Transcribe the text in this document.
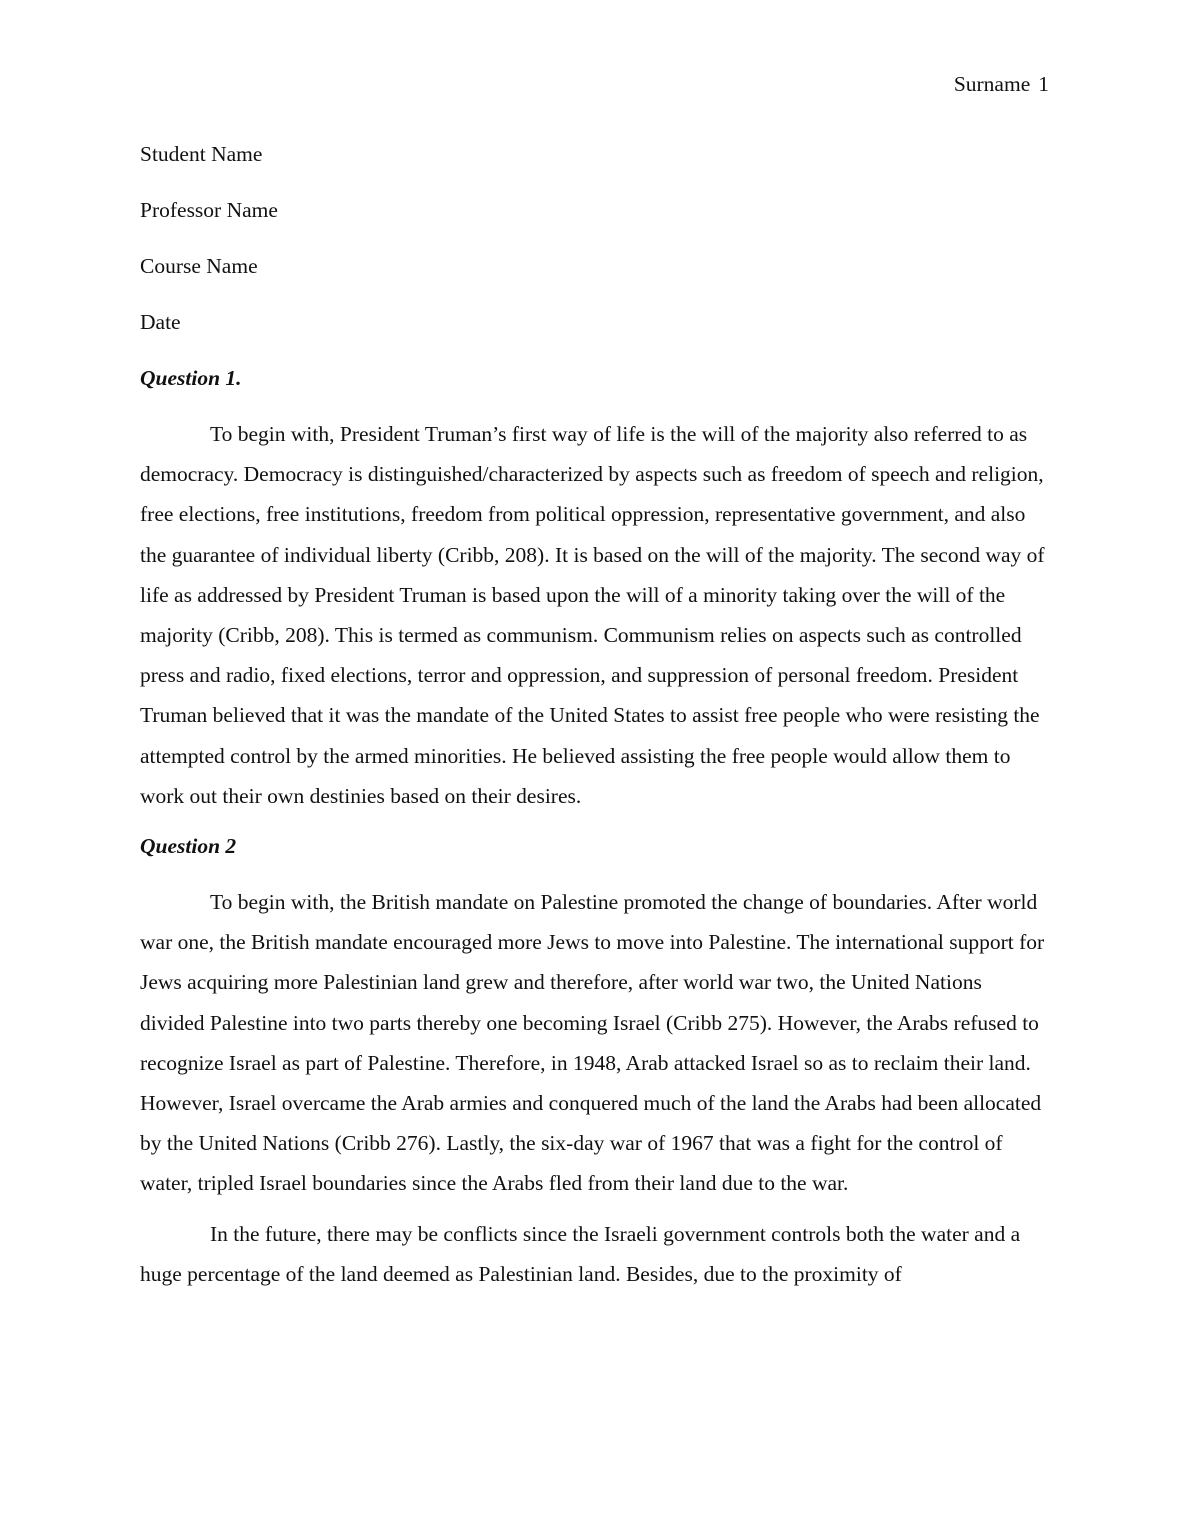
Surname 1

Student Name

Professor Name

Course Name

Date

Question 1.

To begin with, President Truman’s first way of life is the will of the majority also referred to as democracy. Democracy is distinguished/characterized by aspects such as freedom of speech and religion, free elections, free institutions, freedom from political oppression, representative government, and also the guarantee of individual liberty (Cribb, 208). It is based on the will of the majority. The second way of life as addressed by President Truman is based upon the will of a minority taking over the will of the majority (Cribb, 208). This is termed as communism. Communism relies on aspects such as controlled press and radio, fixed elections, terror and oppression, and suppression of personal freedom. President Truman believed that it was the mandate of the United States to assist free people who were resisting the attempted control by the armed minorities. He believed assisting the free people would allow them to work out their own destinies based on their desires.

Question 2

To begin with, the British mandate on Palestine promoted the change of boundaries. After world war one, the British mandate encouraged more Jews to move into Palestine. The international support for Jews acquiring more Palestinian land grew and therefore, after world war two, the United Nations divided Palestine into two parts thereby one becoming Israel (Cribb 275). However, the Arabs refused to recognize Israel as part of Palestine. Therefore, in 1948, Arab attacked Israel so as to reclaim their land. However, Israel overcame the Arab armies and conquered much of the land the Arabs had been allocated by the United Nations (Cribb 276). Lastly, the six-day war of 1967 that was a fight for the control of water, tripled Israel boundaries since the Arabs fled from their land due to the war.

In the future, there may be conflicts since the Israeli government controls both the water and a huge percentage of the land deemed as Palestinian land. Besides, due to the proximity of
